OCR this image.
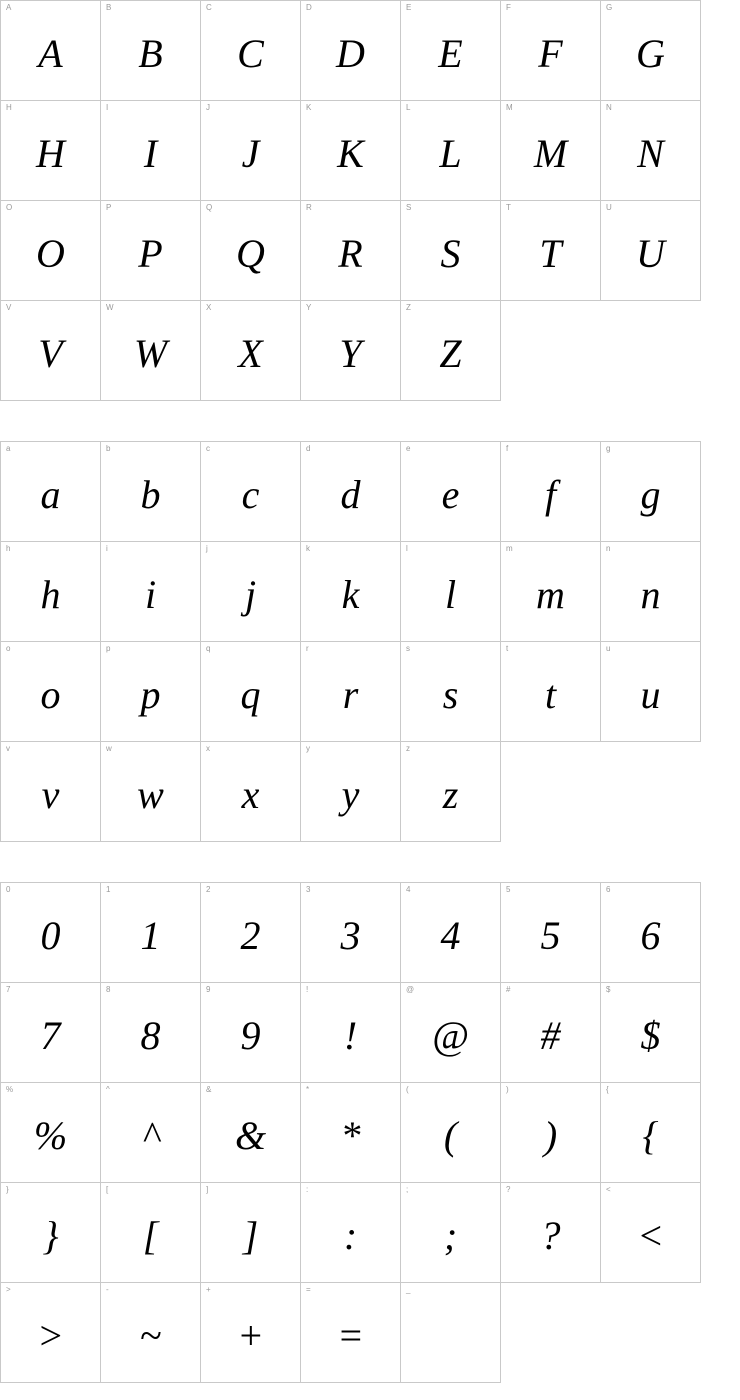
A
A
B
B
C
C
D
D
E
E
F
F
G
G
H
H
I
I
J
J
K
K
L
L
M
M
N
N
O
O
P
P
Q
Q
R
R
S
S
T
T
U
U
V
V
W
W
X
X
Y
Y
Z
Z
a
a
b
b
c
c
d
d
e
e
f
f
g
g
h
h
i
i
j
j
k
k
l
l
m
m
n
n
o
o
p
p
q
q
r
r
s
s
t
t
u
u
v
v
w
w
x
x
y
y
z
z
0
0
1
1
2
2
3
3
4
4
5
5
6
6
7
7
8
8
9
9
!
!
@
@
#
#
$
$
%
%
^
^
&
&
*
*
(
(
)
)
{
{
}
}
[
[
]
]
:
:
;
;
?
?
<
<
>
>
-
~
+
+
=
=
_
